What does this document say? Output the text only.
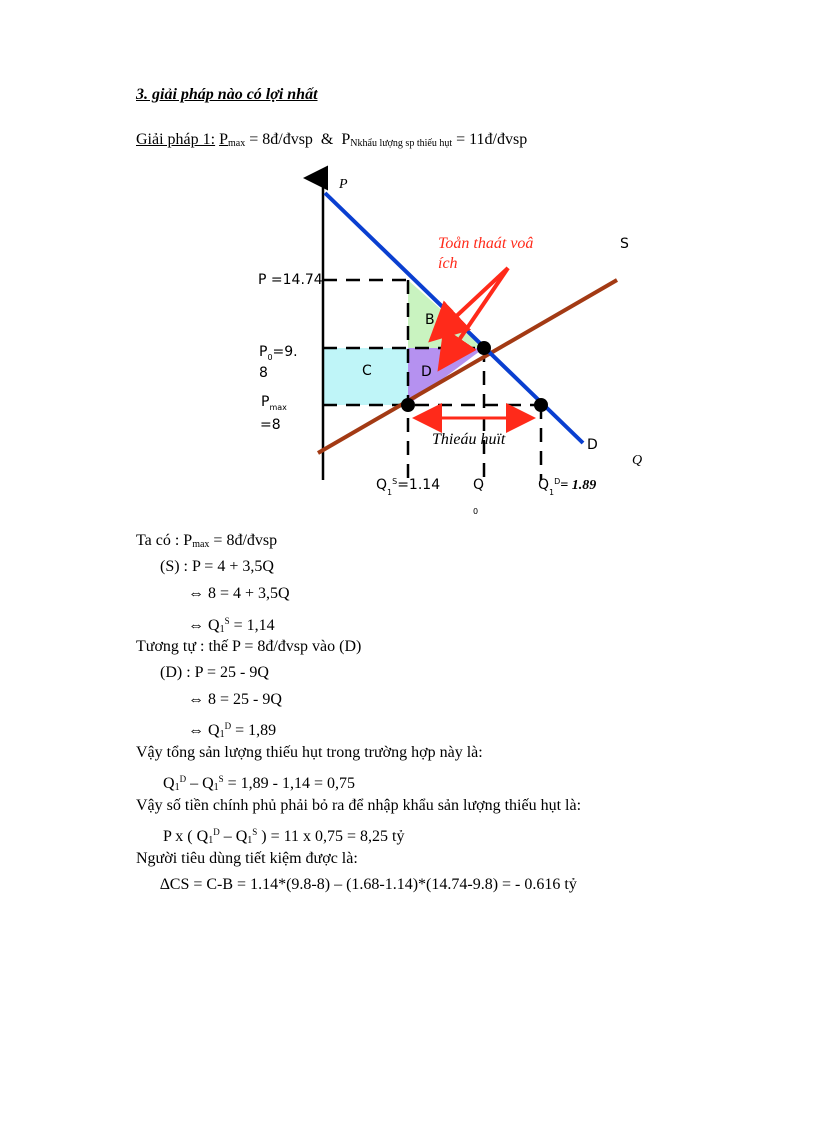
3. giải pháp nào có lợi nhất
Giải pháp 1: $P_{max}$ = 8đ/đvsp & $P_{Nkhẩu lượng sp thiếu hụt}$ = 11đ/đvsp
P
Q
S
D
Toån thaát voâ
ích
P =14.74
$P_0=9$.
8
$P_{max}$
=8
B
C	D
Thieáu huït
$Q_1^S=1.14$ Q
0
$Q_1^D= 1.89$
Ta có : $P_{max}$ = 8đ/đvsp
(S) : P = 4 + 3,5Q
⇔ 8 = 4 + 3,5Q
⇔ $Q_1^S = 1,14$
Tương tự : thế P = 8đ/đvsp vào (D)
(D) : P = 25 - 9Q
⇔ 8 = 25 - 9Q
⇔ $Q_1^D = 1,89$
Vậy tổng sản lượng thiếu hụt trong trường hợp này là:
$Q_1^D - Q_1^S = 1,89 - 1,14 = 0,75$
Vậy số tiền chính phủ phải bỏ ra để nhập khẩu sản lượng thiếu hụt là:
P x ( $Q_1^D - Q_1^S$ ) = 11 x 0,75 = 8,25 tỷ
Người tiêu dùng tiết kiệm được là:
∆CS = C-B = 1.14*(9.8-8) – (1.68-1.14)*(14.74-9.8) = - 0.616 tỷ
